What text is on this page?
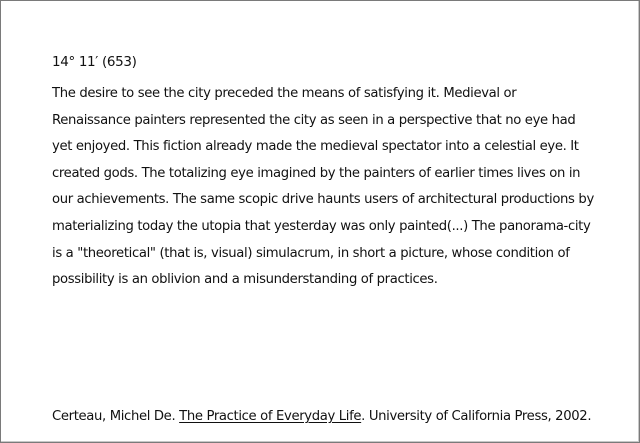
14° 11′ (653)

The desire to see the city preceded the means of satisfying it. Medieval or Renaissance painters represented the city as seen in a perspective that no eye had yet enjoyed. This fiction already made the medieval spectator into a celestial eye. It created gods. The totalizing eye imagined by the painters of earlier times lives on in our achievements. The same scopic drive haunts users of architectural productions by materializing today the utopia that yesterday was only painted(...) The panorama-city is a "theoretical" (that is, visual) simulacrum, in short a picture, whose condition of possibility is an oblivion and a misunderstanding of practices.

Certeau, Michel De. The Practice of Everyday Life. University of California Press, 2002.
